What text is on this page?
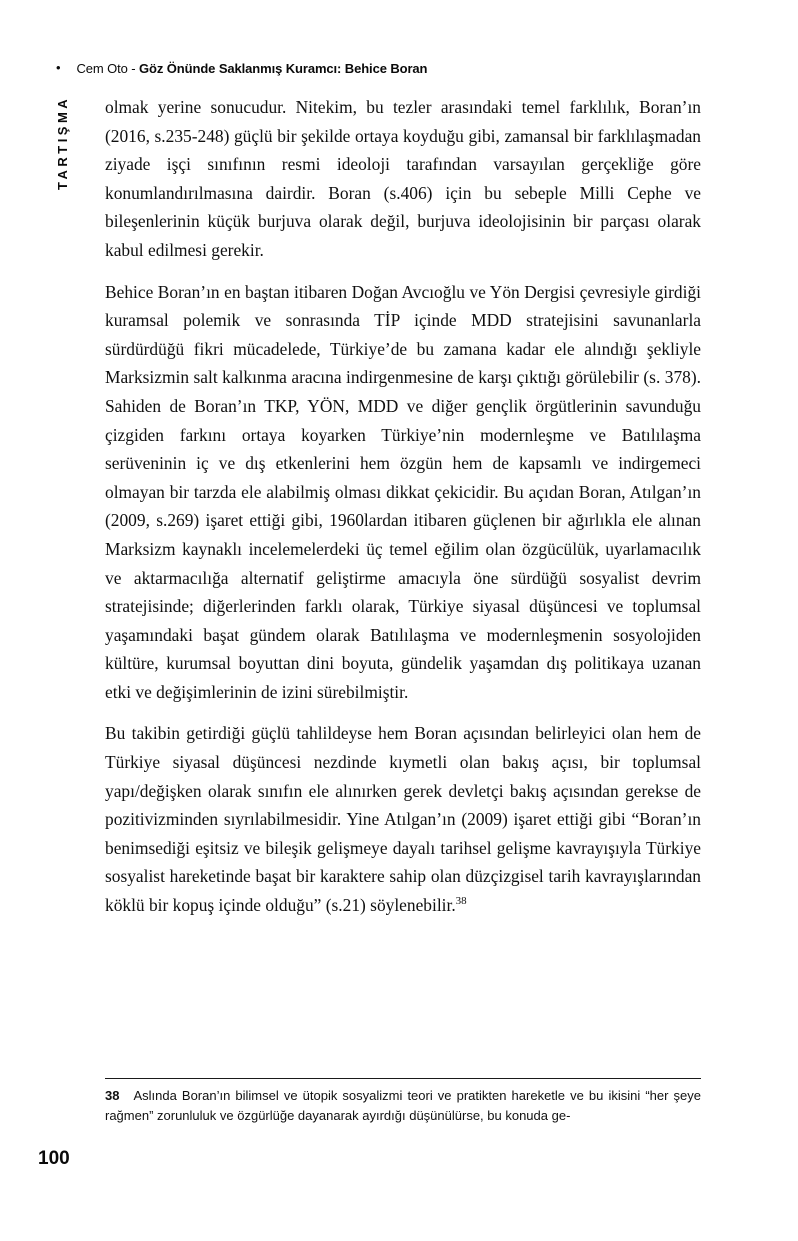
• Cem Oto - Göz Önünde Saklanmış Kuramcı: Behice Boran
TARTIŞMA olmak yerine sonucudur. Nitekim, bu tezler arasındaki temel farklılık, Boran’ın (2016, s.235-248) güçlü bir şekilde ortaya koyduğu gibi, zamansal bir farklılaşmadan ziyade işçi sınıfının resmi ideoloji tarafından varsayılan gerçekliğe göre konumlandırılmasına dairdir. Boran (s.406) için bu sebeple Milli Cephe ve bileşenlerinin küçük burjuva olarak değil, burjuva ideolojisinin bir parçası olarak kabul edilmesi gerekir.

Behice Boran’ın en baştan itibaren Doğan Avcıoğlu ve Yön Dergisi çevresiyle girdiği kuramsal polemik ve sonrasında TİP içinde MDD stratejisini savunanlarla sürdürdüğü fikri mücadelede, Türkiye’de bu zamana kadar ele alındığı şekliyle Marksizmin salt kalkınma aracına indirgenmesine de karşı çıktığı görülebilir (s. 378). Sahiden de Boran’ın TKP, YÖN, MDD ve diğer gençlik örgütlerinin savunduğu çizgiden farkını ortaya koyarken Türkiye’nin modernleşme ve Batılılaşma serüveninin iç ve dış etkenlerini hem özgün hem de kapsamlı ve indirgemeci olmayan bir tarzda ele alabilmiş olması dikkat çekicidir. Bu açıdan Boran, Atılgan’ın (2009, s.269) işaret ettiği gibi, 1960lardan itibaren güçlenen bir ağırlıkla ele alınan Marksizm kaynaklı incelemelerdeki üç temel eğilim olan özgücülük, uyarlamacılık ve aktarmacılığa alternatif geliştirme amacıyla öne sürdüğü sosyalist devrim stratejisinde; diğerlerinden farklı olarak, Türkiye siyasal düşüncesi ve toplumsal yaşamındaki başat gündem olarak Batılılaşma ve modernleşmenin sosyolojiden kültüre, kurumsal boyuttan dini boyuta, gündelik yaşamdan dış politikaya uzanan etki ve değişimlerinin de izini sürebilmiştir.

Bu takibin getirdiği güçlü tahlildeyse hem Boran açısından belirleyici olan hem de Türkiye siyasal düşüncesi nezdinde kıymetli olan bakış açısı, bir toplumsal yapı/değişken olarak sınıfın ele alınırken gerek devletçi bakış açısından gerekse de pozitivizminden sıyrılabilmesidir. Yine Atılgan’ın (2009) işaret ettiği gibi “Boran’ın benimsediği eşitsiz ve bileşik gelişmeye dayalı tarihsel gelişme kavrayışıyla Türkiye sosyalist hareketinde başat bir karaktere sahip olan düzçizgisel tarih kavrayışlarından köklü bir kopuş içinde olduğu” (s.21) söylenebilir.$^{38}$

38 Aslında Boran’ın bilimsel ve ütopik sosyalizmi teori ve pratikten hareketle ve bu ikisini “her şeye rağmen” zorunluluk ve özgürlüğe dayanarak ayırdığı düşünülürse, bu konuda ge-

100
